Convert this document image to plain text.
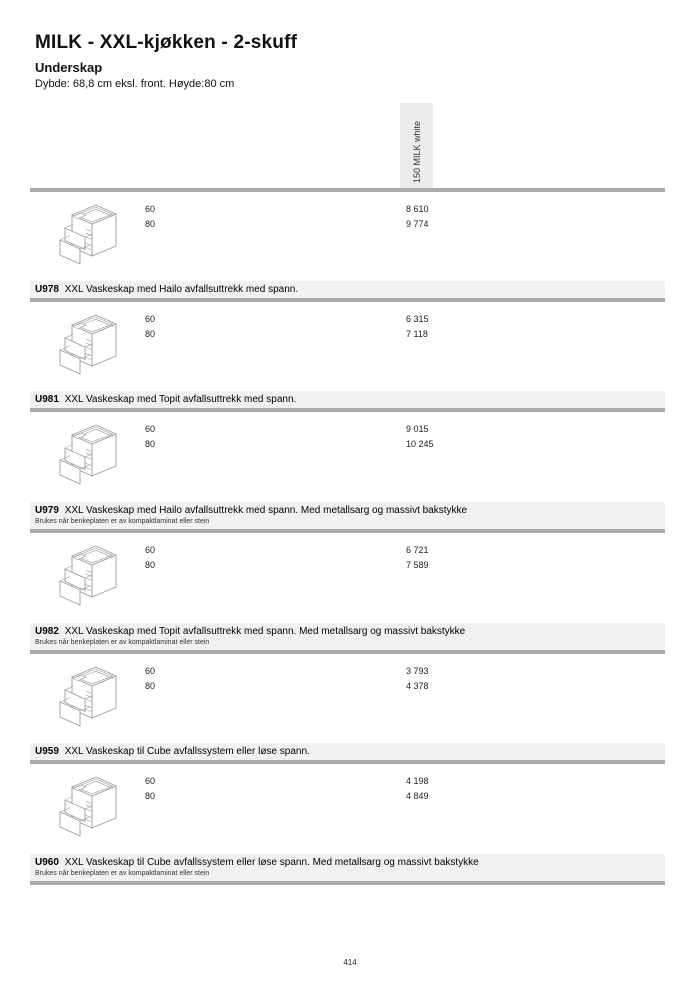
MILK - XXL-kjøkken - 2-skuff
Underskap
Dybde: 68,8 cm eksl. front. Høyde:80 cm
150 MILK white
60	8 610
80	9 774
U978 XXL Vaskeskap med Hailo avfallsuttrekk med spann.
60	6 315
80	7 118
U981 XXL Vaskeskap med Topit avfallsuttrekk med spann.
60	9 015
80	10 245
U979 XXL Vaskeskap med Hailo avfallsuttrekk med spann. Med metallsarg og massivt bakstykke
Brukes når benkeplaten er av kompaktlaminat eller stein
60	6 721
80	7 589
U982 XXL Vaskeskap med Topit avfallsuttrekk med spann. Med metallsarg og massivt bakstykke
Brukes når benkeplaten er av kompaktlaminat eller stein
60	3 793
80	4 378
U959 XXL Vaskeskap til Cube avfallssystem eller løse spann.
60	4 198
80	4 849
U960 XXL Vaskeskap til Cube avfallssystem eller løse spann. Med metallsarg og massivt bakstykke
Brukes når benkeplaten er av kompaktlaminat eller stein
414
